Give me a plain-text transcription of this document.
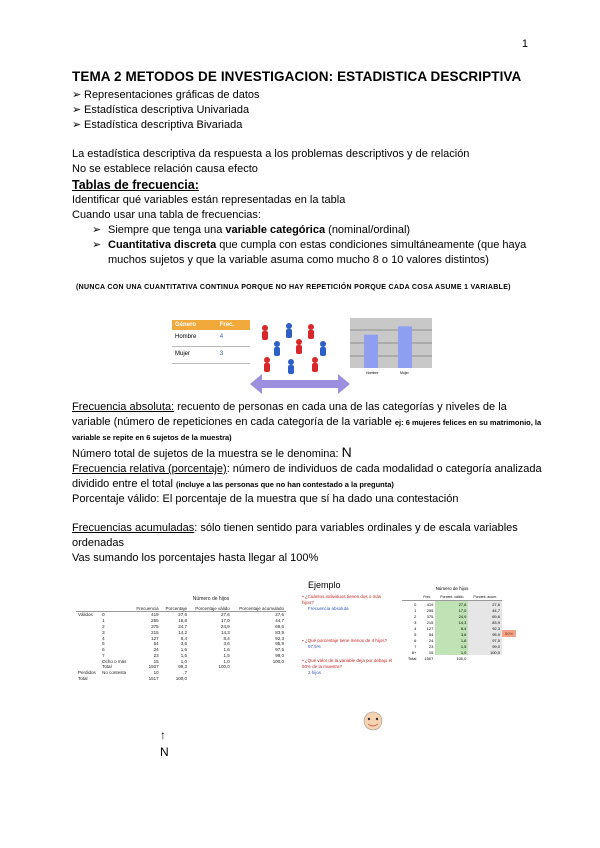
1
TEMA 2 METODOS DE INVESTIGACION: ESTADISTICA DESCRIPTIVA
➢ Representaciones gráficas de datos
➢ Estadística descriptiva Univariada
➢ Estadística descriptiva Bivariada
La estadística descriptiva da respuesta a los problemas descriptivos y de relación
No se establece relación causa efecto
Tablas de frecuencia:
Identificar qué variables están representadas en la tabla
Cuando usar una tabla de frecuencias:
➢ Siempre que tenga una variable categórica (nominal/ordinal)
➢ Cuantitativa discreta que cumpla con estas condiciones simultáneamente (que haya muchos sujetos y que la variable asuma como mucho 8 o 10 valores distintos)
(NUNCA CON UNA CUANTITATIVA CONTINUA PORQUE NO HAY REPETICIÓN PORQUE CADA COSA ASUME 1 VARIABLE)
Género	Frec.
Hombre	4
Mujer	3
Hombre	Mujer
Frecuencia absoluta: recuento de personas en cada una de las categorías y niveles de la variable (número de repeticiones en cada categoría de la variable ej: 6 mujeres felices en su matrimonio, la variable se repite en 6 sujetos de la muestra)
Número total de sujetos de la muestra se le denomina: N
Frecuencia relativa (porcentaje): número de individuos de cada modalidad o categoría analizada dividido entre el total (incluye a las personas que no han contestado a la pregunta)
Porcentaje válido: El porcentaje de la muestra que sí ha dado una contestación
Frecuencias acumuladas: sólo tienen sentido para variables ordinales y de escala variables ordenadas
Vas sumando los porcentajes hasta llegar al 100%
Número de hijos
		Frecuencia	Porcentaje	Porcentaje válido	Porcentaje acumulado
Válidos	0	419	27,6	27,6	27,6
	1	255	16,8	17,0	44,7
	2	375	24,7	24,9	69,6
	3	215	14,2	14,3	83,9
	4	127	8,4	8,4	92,3
	5	54	3,6	3,6	95,9
	6	24	1,6	1,6	97,5
	7	23	1,5	1,5	99,0
	Ocho o más	15	1,0	1,0	100,0
	Total	1507	99,3	100,0	
Perdidos	No contesta	10	,7		
Total		1517	100,0		
↑
N
Ejemplo
▪ ¿Cuántos individuos tienen dos o más hijos?
Frecuencia absoluta
▪ ¿Qué porcentaje tiene menos de 4 hijos?
97,5%
▪ ¿Qué valor de la variable deja por debajo el 50% de la muestra?
2 hijos
Número de hijos
	Frec	Porcent. válido	Porcent. acum.
0	419	27,6	27,6
1	255	17,0	44,7
2	375	24,9	69,6
3	215	14,3	83,9
4	127	8,4	92,3
5	54	3,6	95,9
6	24	1,6	97,5
7	23	1,5	99,0
8+	15	1,0	100,0
Total	1507	100,0	
50%
